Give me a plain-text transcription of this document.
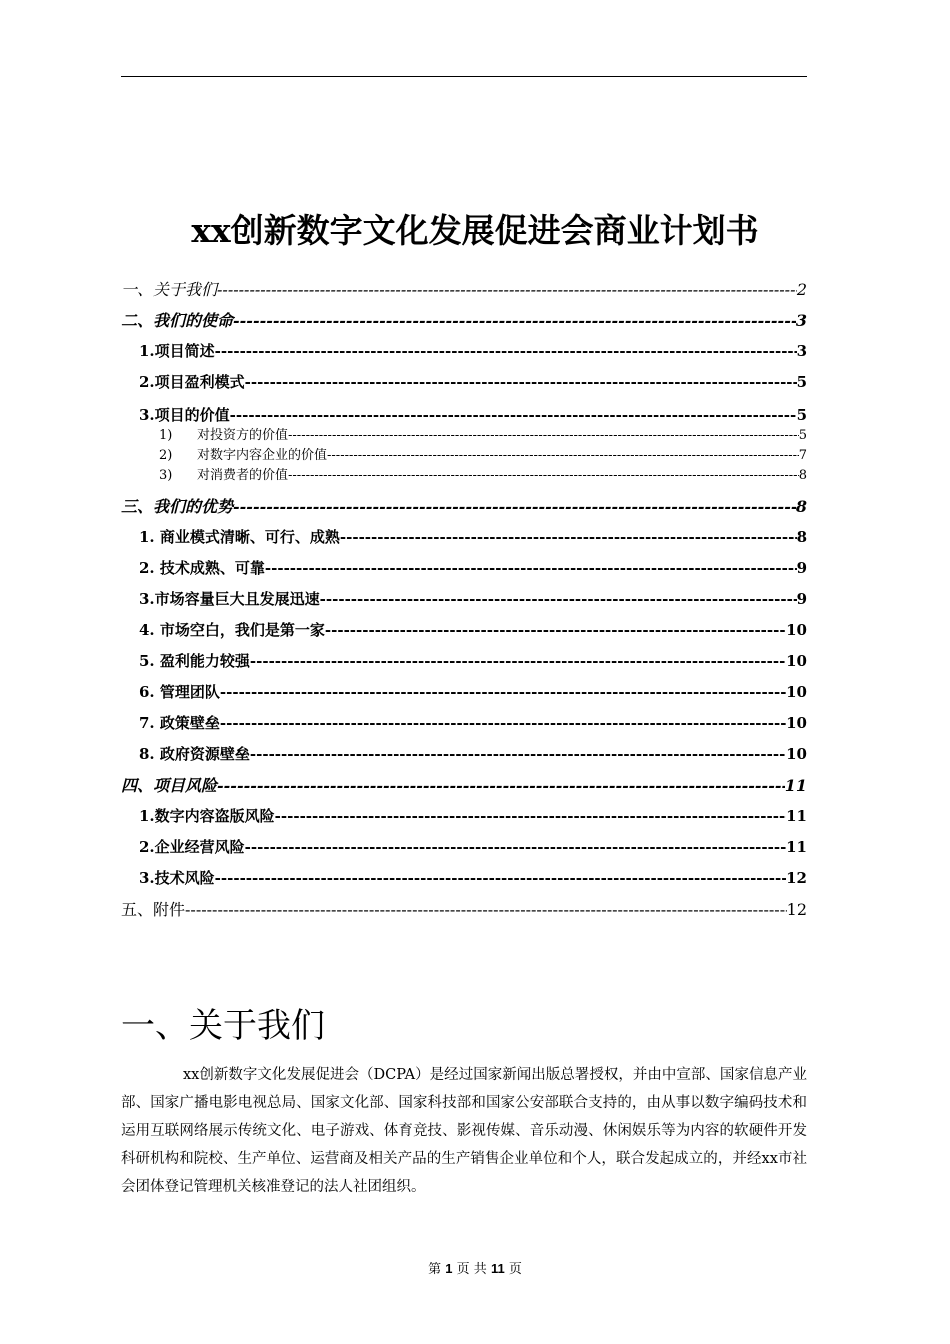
xx创新数字文化发展促进会商业计划书
一、关于我们 -----	2
二、我们的使命 -----	3
1.项目简述 -----	3
2.项目盈利模式 -----	5
3.项目的价值 -----	5
1) 对投资方的价值 -----	5
2) 对数字内容企业的价值 -----	7
3) 对消费者的价值 -----	8
三、我们的优势 -----	8
1. 商业模式清晰、可行、成熟 -----	8
2. 技术成熟、可靠 -----	9
3.市场容量巨大且发展迅速 -----	9
4. 市场空白，我们是第一家 -----	10
5. 盈利能力较强 -----	10
6. 管理团队 -----	10
7. 政策壁垒 -----	10
8. 政府资源壁垒 -----	10
四、项目风险 -----	11
1.数字内容盗版风险 -----	11
2.企业经营风险 -----	11
3.技术风险 -----	12
五、附件 -----	12
一、关于我们
xx创新数字文化发展促进会（DCPA）是经过国家新闻出版总署授权，并由中宣部、国家信息产业部、国家广播电影电视总局、国家文化部、国家科技部和国家公安部联合支持的，由从事以数字编码技术和运用互联网络展示传统文化、电子游戏、体育竞技、影视传媒、音乐动漫、休闲娱乐等为内容的软硬件开发科研机构和院校、生产单位、运营商及相关产品的生产销售企业单位和个人，联合发起成立的，并经xx市社会团体登记管理机关核准登记的法人社团组织。
第 1 页 共 11 页
